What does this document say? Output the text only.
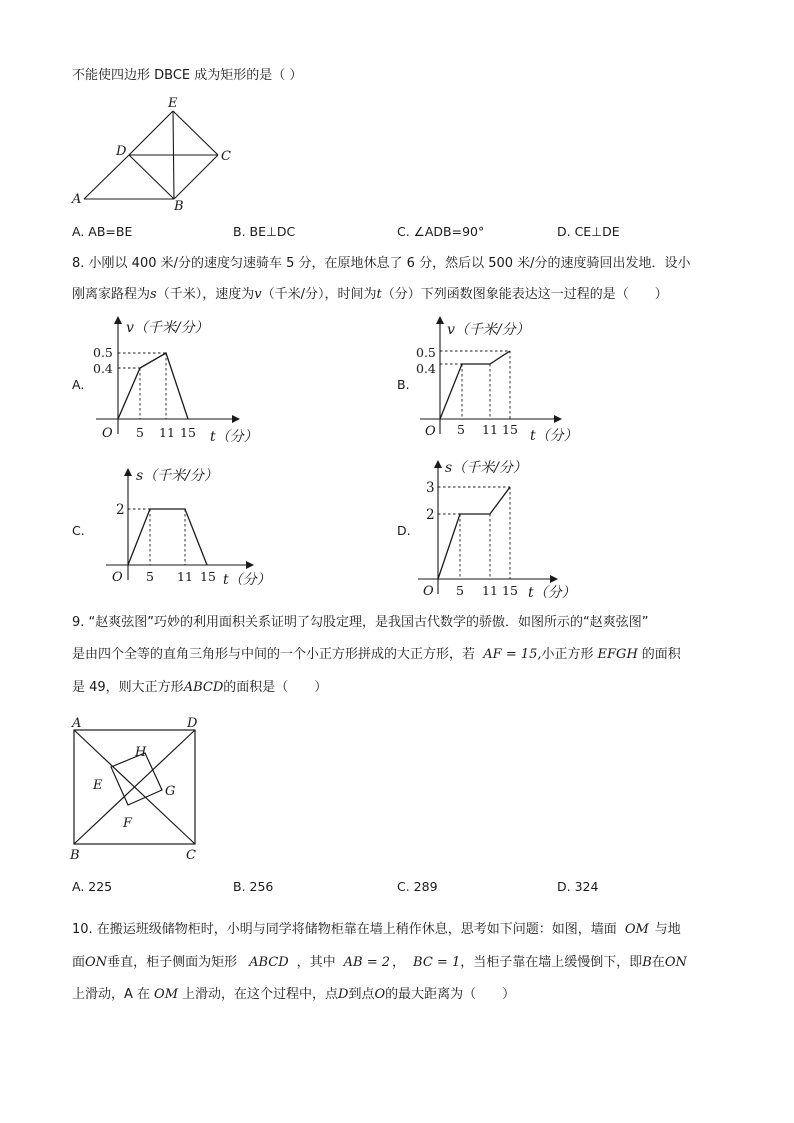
不能使四边形 DBCE 成为矩形的是（ ）
E
D	C
A	B
A. AB=BE	B. BE⊥DC	C. ∠ADB=90°	D. CE⊥DE
8. 小刚以 400 米/分的速度匀速骑车 5 分，在原地休息了 6 分，然后以 500 米/分的速度骑回出发地．设小
刚离家路程为s（千米），速度为v（千米/分），时间为t（分）下列函数图象能表达这一过程的是（　　）
A.
v（千米/分）
0.5
0.4
O 5 11 15 t（分）
B.
v（千米/分）
0.5
0.4
O 5 11 15 t（分）
C.
s（千米/分）
2
O 5 11 15 t（分）
D.
s（千米/分）
3
2
O 5 11 15 t（分）
9. “赵爽弦图”巧妙的利用面积关系证明了勾股定理，是我国古代数学的骄傲．如图所示的“赵爽弦图”
是由四个全等的直角三角形与中间的一个小正方形拼成的大正方形，若 AF = 15,小正方形 EFGH 的面积
是 49，则大正方形ABCD的面积是（　　）
A	D
B	C
E
F
G
H
A. 225	B. 256	C. 289	D. 324
10. 在搬运班级储物柜时，小明与同学将储物柜靠在墙上稍作休息，思考如下问题：如图，墙面 OM 与地
面ON垂直，柜子侧面为矩形 ABCD ，其中 AB = 2 ， BC = 1，当柜子靠在墙上缓慢倒下，即B在ON
上滑动，A 在 OM 上滑动，在这个过程中，点D到点O的最大距离为（　　）
